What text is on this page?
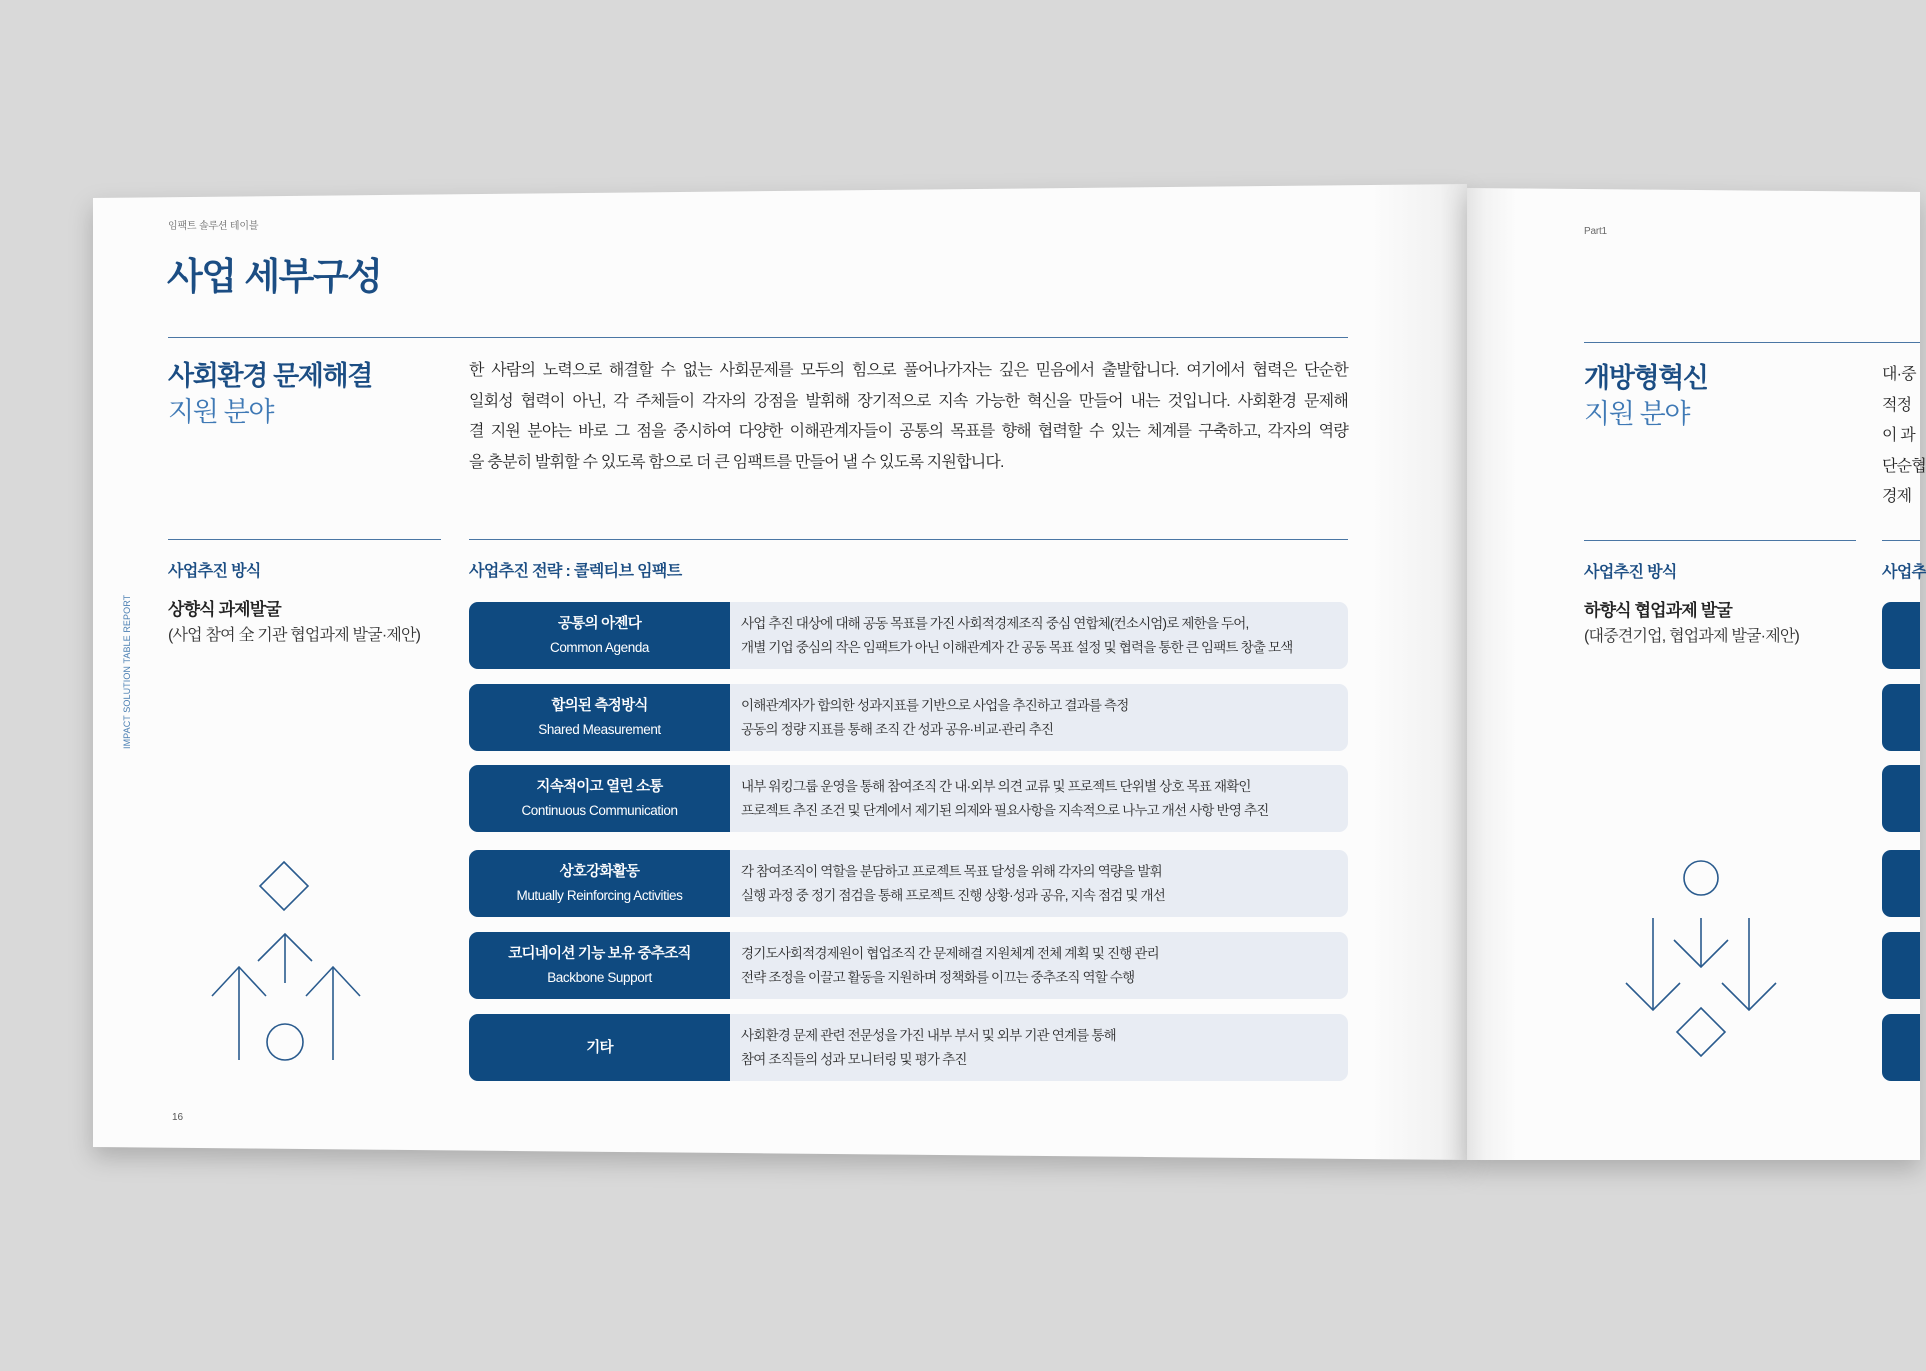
임팩트 솔루션 테이블
사업 세부구성
사회환경 문제해결
지원 분야
한 사람의 노력으로 해결할 수 없는 사회문제를 모두의 힘으로 풀어나가자는 깊은 믿음에서 출발합니다. 여기에서 협력은 단순한
일회성 협력이 아닌, 각 주체들이 각자의 강점을 발휘해 장기적으로 지속 가능한 혁신을 만들어 내는 것입니다. 사회환경 문제해
결 지원 분야는 바로 그 점을 중시하여 다양한 이해관계자들이 공통의 목표를 향해 협력할 수 있는 체계를 구축하고, 각자의 역량
을 충분히 발휘할 수 있도록 함으로 더 큰 임팩트를 만들어 낼 수 있도록 지원합니다.
사업추진 방식
상향식 과제발굴
(사업 참여 全 기관 협업과제 발굴·제안)
사업추진 전략 : 콜렉티브 임팩트
공통의 아젠다
Common Agenda
사업 추진 대상에 대해 공동 목표를 가진 사회적경제조직 중심 연합체(컨소시엄)로 제한을 두어,
개별 기업 중심의 작은 임팩트가 아닌 이해관계자 간 공동 목표 설정 및 협력을 통한 큰 임팩트 창출 모색
합의된 측정방식
Shared Measurement
이해관계자가 합의한 성과지표를 기반으로 사업을 추진하고 결과를 측정
공동의 정량 지표를 통해 조직 간 성과 공유·비교·관리 추진
지속적이고 열린 소통
Continuous Communication
내부 워킹그룹 운영을 통해 참여조직 간 내·외부 의견 교류 및 프로젝트 단위별 상호 목표 재확인
프로젝트 추진 조건 및 단계에서 제기된 의제와 필요사항을 지속적으로 나누고 개선 사항 반영 추진
상호강화활동
Mutually Reinforcing Activities
각 참여조직이 역할을 분담하고 프로젝트 목표 달성을 위해 각자의 역량을 발휘
실행 과정 중 정기 점검을 통해 프로젝트 진행 상황·성과 공유, 지속 점검 및 개선
코디네이션 기능 보유 중추조직
Backbone Support
경기도사회적경제원이 협업조직 간 문제해결 지원체계 전체 계획 및 진행 관리
전략 조정을 이끌고 활동을 지원하며 정책화를 이끄는 중추조직 역할 수행
기타
사회환경 문제 관련 전문성을 가진 내부 부서 및 외부 기관 연계를 통해
참여 조직들의 성과 모니터링 및 평가 추진
IMPACT SOLUTION TABLE REPORT
16
Part1
개방형혁신
지원 분야
대·중
적정
이 과
단순협
경제
사업추진 방식	사업추
하향식 협업과제 발굴
(대중견기업, 협업과제 발굴·제안)
